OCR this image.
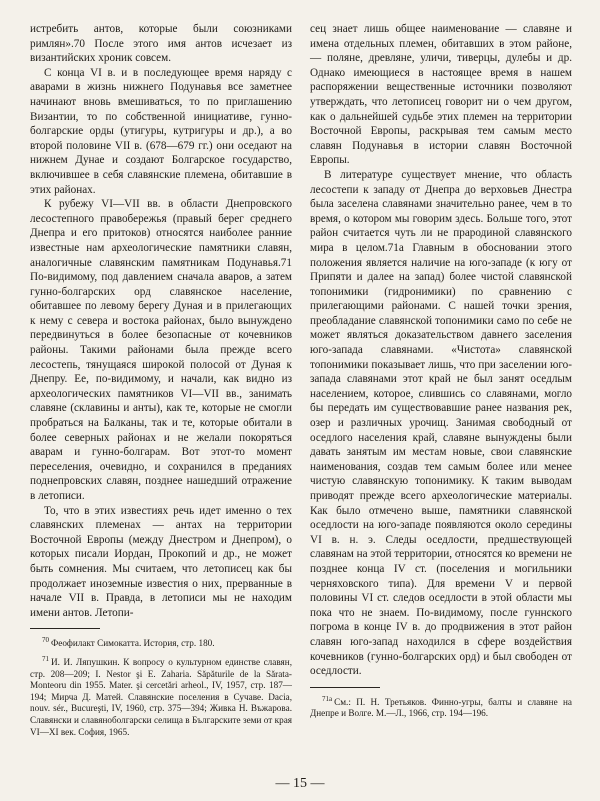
истребить антов, которые были союзниками римлян».70 После этого имя антов исчезает из византийских хроник совсем.

С конца VI в. и в последующее время наряду с аварами в жизнь нижнего Подунавья все заметнее начинают вновь вмешиваться, то по приглашению Византии, то по собственной инициативе, гунно-болгарские орды (утигуры, кутригуры и др.), а во второй половине VII в. (678—679 гг.) они оседают на нижнем Дунае и создают Болгарское государство, включившее в себя славянские племена, обитавшие в этих районах.

К рубежу VI—VII вв. в области Днепровского лесостепного правобережья (правый берег среднего Днепра и его притоков) относятся наиболее ранние известные нам археологические памятники славян, аналогичные славянским памятникам Подунавья.71 По-видимому, под давлением сначала аваров, а затем гунно-болгарских орд славянское население, обитавшее по левому берегу Дуная и в прилегающих к нему с севера и востока районах, было вынуждено передвинуться в более безопасные от кочевников районы. Такими районами была прежде всего лесостепь, тянущаяся широкой полосой от Дуная к Днепру. Ее, по-видимому, и начали, как видно из археологических памятников VI—VII вв., занимать славяне (склавины и анты), как те, которые не смогли пробраться на Балканы, так и те, которые обитали в более северных районах и не желали покоряться аварам и гунно-болгарам. Вот этот-то момент переселения, очевидно, и сохранился в преданиях поднепровских славян, позднее нашедший отражение в летописи.

То, что в этих известиях речь идет именно о тех славянских племенах — антах на территории Восточной Европы (между Днестром и Днепром), о которых писали Иордан, Прокопий и др., не может быть сомнения. Мы считаем, что летописец как бы продолжает иноземные известия о них, прерванные в начале VII в. Правда, в летописи мы не находим имени антов. Летопи-

$^{70}$ Феофилакт Симокатта. История, стр. 180.

$^{71}$ И. И. Ляпушкин. К вопросу о культурном единстве славян, стр. 208—209; I. Nestor şi E. Zaharia. Săpăturile de la Sărata-Monteoru din 1955. Mater. şi cercetări arheol., IV, 1957, стр. 187—194; Мирча Д. Матей. Славянские поселения в Сучаве. Dacia, nouv. sér., Bucureşti, IV, 1960, стр. 375—394; Живка Н. Въжарова. Славянски и славяноболгарски селища в Българските земи от края VI—XI век. София, 1965.

сец знает лишь общее наименование — славяне и имена отдельных племен, обитавших в этом районе, — поляне, древляне, уличи, тиверцы, дулебы и др. Однако имеющиеся в настоящее время в нашем распоряжении вещественные источники позволяют утверждать, что летописец говорит ни о чем другом, как о дальнейшей судьбе этих племен на территории Восточной Европы, раскрывая тем самым место славян Подунавья в истории славян Восточной Европы.

В литературе существует мнение, что область лесостепи к западу от Днепра до верховьев Днестра была заселена славянами значительно ранее, чем в то время, о котором мы говорим здесь. Больше того, этот район считается чуть ли не прародиной славянского мира в целом.71а Главным в обосновании этого положения является наличие на юго-западе (к югу от Припяти и далее на запад) более чистой славянской топонимики (гидронимики) по сравнению с прилегающими районами. С нашей точки зрения, преобладание славянской топонимики само по себе не может являться доказательством давнего заселения юго-запада славянами. «Чистота» славянской топонимики показывает лишь, что при заселении юго-запада славянами этот край не был занят оседлым населением, которое, слившись со славянами, могло бы передать им существовавшие ранее названия рек, озер и различных урочищ. Занимая свободный от оседлого населения край, славяне вынуждены были давать занятым им местам новые, свои славянские наименования, создав тем самым более или менее чистую славянскую топонимику. К таким выводам приводят прежде всего археологические материалы. Как было отмечено выше, памятники славянской оседлости на юго-западе появляются около середины VI в. н. э. Следы оседлости, предшествующей славянам на этой территории, относятся ко времени не позднее конца IV ст. (поселения и могильники черняховского типа). Для времени V и первой половины VI ст. следов оседлости в этой области мы пока что не знаем. По-видимому, после гуннского погрома в конце IV в. до продвижения в этот район славян юго-запад находился в сфере воздействия кочевников (гунно-болгарских орд) и был свободен от оседлости.

$^{71а}$ См.: П. Н. Третьяков. Финно-угры, балты и славяне на Днепре и Волге. М.—Л., 1966, стр. 194—196.

— 15 —
